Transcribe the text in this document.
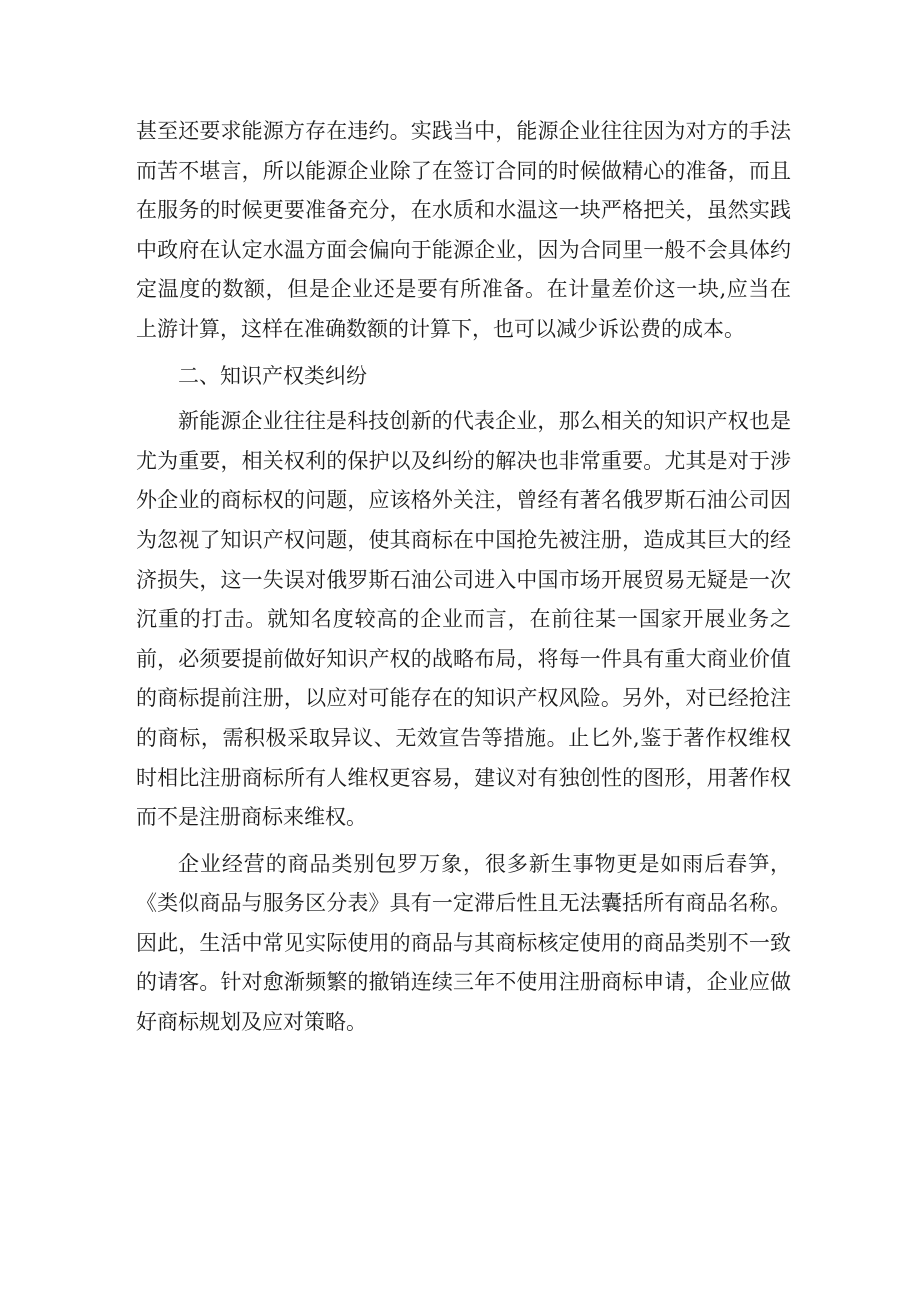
甚至还要求能源方存在违约。实践当中，能源企业往往因为对方的手法而苦不堪言，所以能源企业除了在签订合同的时候做精心的准备，而且在服务的时候更要准备充分，在水质和水温这一块严格把关，虽然实践中政府在认定水温方面会偏向于能源企业，因为合同里一般不会具体约定温度的数额，但是企业还是要有所准备。在计量差价这一块,应当在上游计算，这样在准确数额的计算下，也可以减少诉讼费的成本。

二、知识产权类纠纷

新能源企业往往是科技创新的代表企业，那么相关的知识产权也是尤为重要，相关权利的保护以及纠纷的解决也非常重要。尤其是对于涉外企业的商标权的问题，应该格外关注，曾经有著名俄罗斯石油公司因为忽视了知识产权问题，使其商标在中国抢先被注册，造成其巨大的经济损失，这一失误对俄罗斯石油公司进入中国市场开展贸易无疑是一次沉重的打击。就知名度较高的企业而言，在前往某一国家开展业务之前，必须要提前做好知识产权的战略布局，将每一件具有重大商业价值的商标提前注册，以应对可能存在的知识产权风险。另外，对已经抢注的商标，需积极采取异议、无效宣告等措施。止匕外,鉴于著作权维权时相比注册商标所有人维权更容易，建议对有独创性的图形，用著作权而不是注册商标来维权。

企业经营的商品类别包罗万象，很多新生事物更是如雨后春笋，《类似商品与服务区分表》具有一定滞后性且无法囊括所有商品名称。因此，生活中常见实际使用的商品与其商标核定使用的商品类别不一致的请客。针对愈渐频繁的撤销连续三年不使用注册商标申请，企业应做好商标规划及应对策略。
